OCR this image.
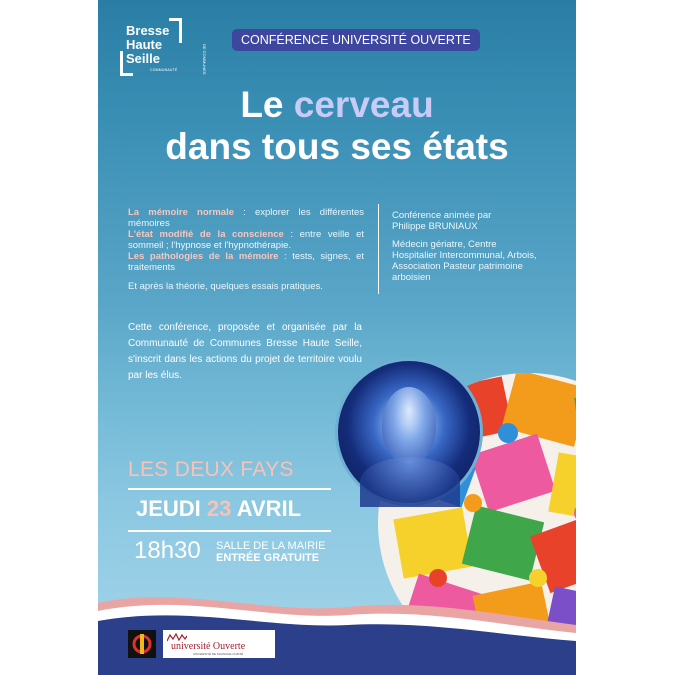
Bresse
Haute
Seille
COMMUNAUTÉ	DE COMMUNES
CONFÉRENCE UNIVERSITÉ OUVERTE
Le cerveau
dans tous ses états

La mémoire normale : explorer les différentes mémoires

L'état modifié de la conscience : entre veille et sommeil ; l'hypnose et l'hypnothérapie.

Les pathologies de la mémoire : tests, signes, et traitements

Et après la théorie, quelques essais pratiques.

Conférence animée par

Philippe BRUNIAUX

Médecin gériatre, Centre Hospitalier Intercommunal, Arbois, Association Pasteur patrimoine arboisien

Cette conférence, proposée et organisée par la Communauté de Communes Bresse Haute Seille, s'inscrit dans les actions du projet de territoire voulu par les élus.
LES DEUX FAYS
JEUDI 23 AVRIL
18h30 SALLE DE LA MAIRIE
ENTRÉE GRATUITE
université Ouverte
UNIVERSITÉ DE FRANCHE-COMTÉ
